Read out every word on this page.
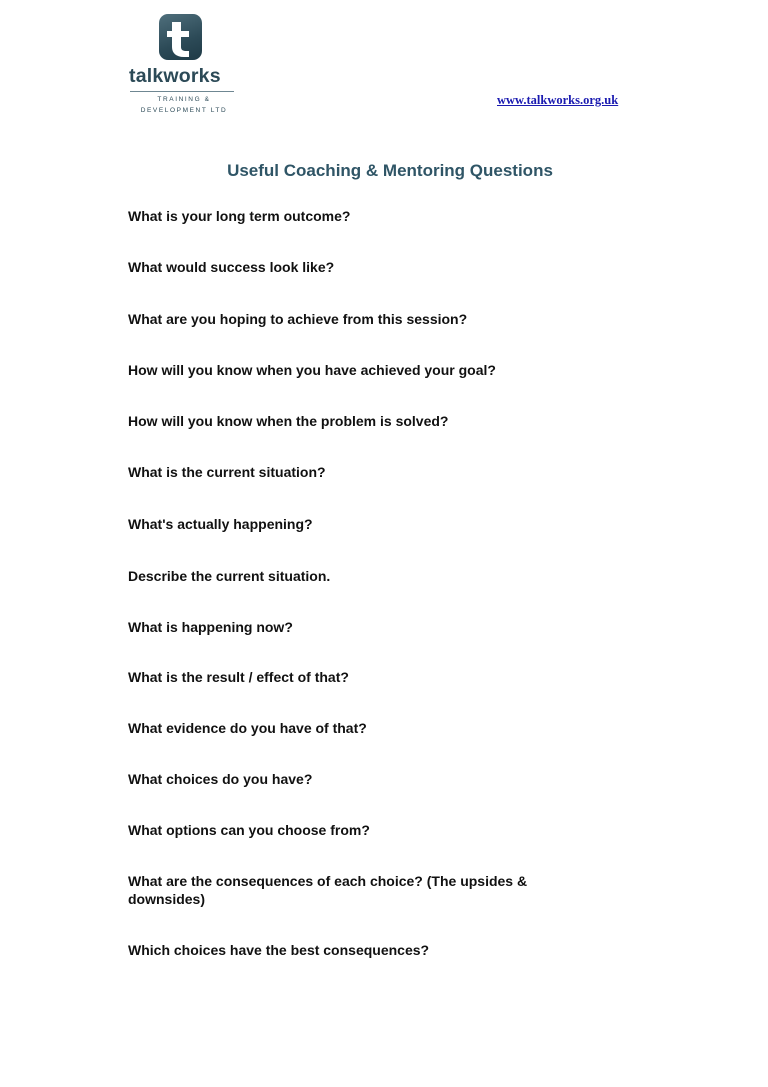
talkworks
TRAINING &
DEVELOPMENT LTD
www.talkworks.org.uk
Useful Coaching & Mentoring Questions
What is your long term outcome?
What would success look like?
What are you hoping to achieve from this session?
How will you know when you have achieved your goal?
How will you know when the problem is solved?
What is the current situation?
What's actually happening?
Describe the current situation.
What is happening now?
What is the result / effect of that?
What evidence do you have of that?
What choices do you have?
What options can you choose from?
What are the consequences of each choice? (The upsides & downsides)
Which choices have the best consequences?
